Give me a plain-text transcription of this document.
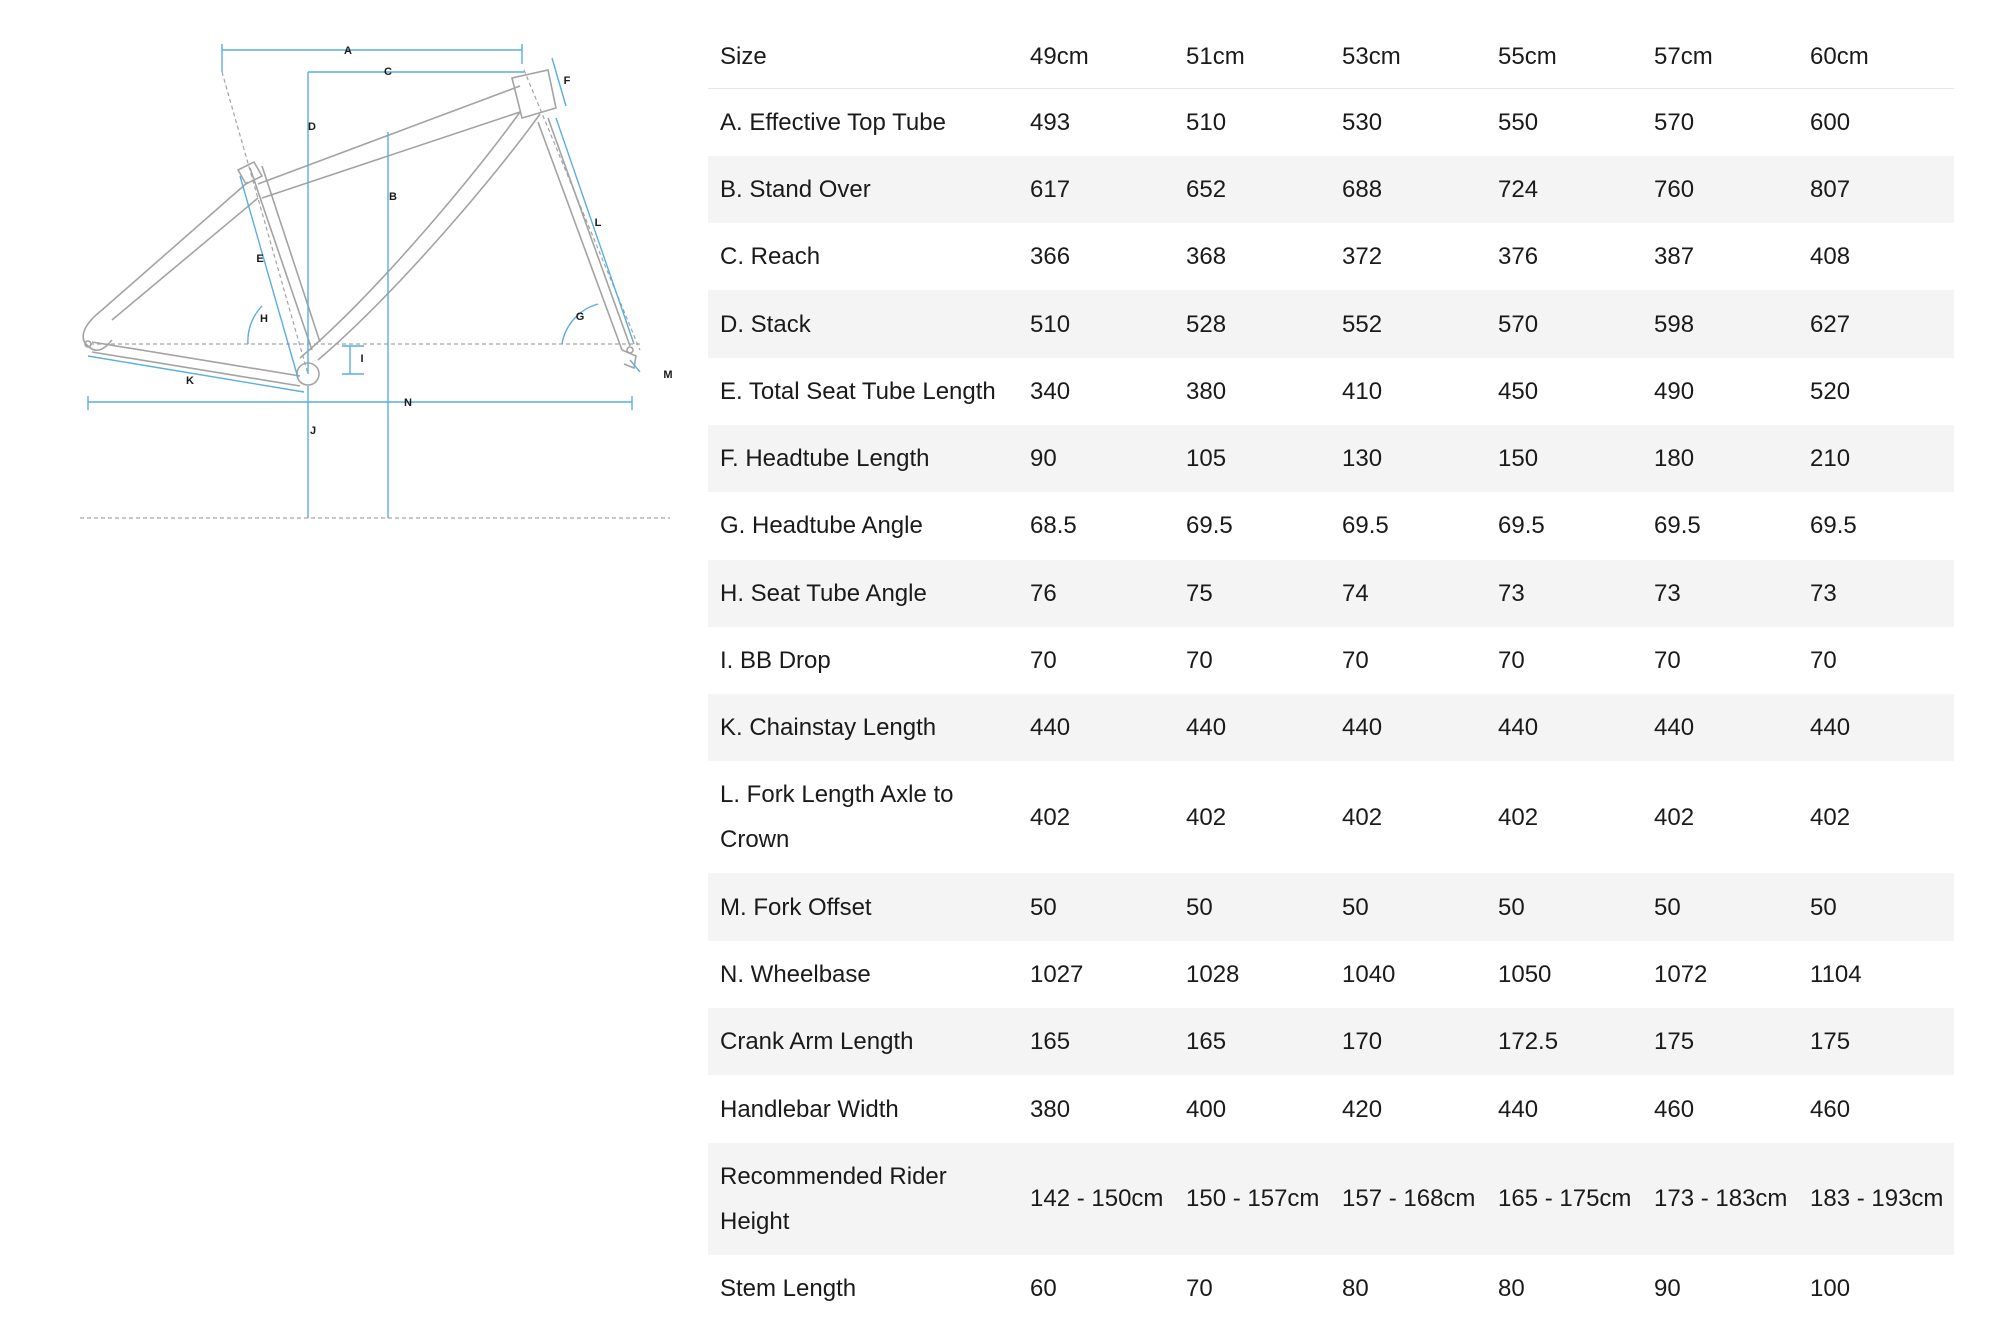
A
B
C
D
E
F
G
H
I
J
K
L
M
N
Size	49cm	51cm	53cm	55cm	57cm	60cm
A. Effective Top Tube	493	510	530	550	570	600
B. Stand Over	617	652	688	724	760	807
C. Reach	366	368	372	376	387	408
D. Stack	510	528	552	570	598	627
E. Total Seat Tube Length	340	380	410	450	490	520
F. Headtube Length	90	105	130	150	180	210
G. Headtube Angle	68.5	69.5	69.5	69.5	69.5	69.5
H. Seat Tube Angle	76	75	74	73	73	73
I. BB Drop	70	70	70	70	70	70
K. Chainstay Length	440	440	440	440	440	440
L. Fork Length Axle to Crown	402	402	402	402	402	402
M. Fork Offset	50	50	50	50	50	50
N. Wheelbase	1027	1028	1040	1050	1072	1104
Crank Arm Length	165	165	170	172.5	175	175
Handlebar Width	380	400	420	440	460	460
Recommended Rider Height	142 - 150cm	150 - 157cm	157 - 168cm	165 - 175cm	173 - 183cm	183 - 193cm
Stem Length	60	70	80	80	90	100
